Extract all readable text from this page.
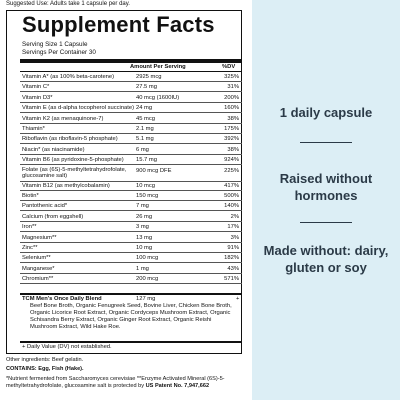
Suggested Use: Adults take 1 capsule per day.
Supplement Facts
Serving Size 1 Capsule
Servings Per Container 30
Amount Per Serving	%DV
Vitamin A* (as 100% beta-carotene)	2925 mcg	325%
Vitamin C*	27.5 mg	31%
Vitamin D3*	40 mcg (1600IU)	200%
Vitamin E (as d-alpha tocopherol succinate) 24 mg	160%
Vitamin K2 (as menaquinone-7)	45 mcg	38%
Thiamin*	2.1 mg	175%
Riboflavin (as riboflavin-5 phosphate)	5.1 mg	392%
Niacin* (as niacinamide)	6 mg	38%
Vitamin B6 (as pyridoxine-5-phosphate) 15.7 mg	924%
Folate (as (6S)-5-methyltetrahydrofolate, glucosamine salt)
900 mcg DFE	225%
Vitamin B12 (as methylcobalamin)	10 mcg	417%
Biotin*	150 mcg	500%
Pantothenic acid*	7 mg	140%
Calcium (from eggshell)	26 mg	2%
Iron**	3 mg	17%
Magnesium**	13 mg	3%
Zinc**	10 mg	91%
Selenium**	100 mcg	182%
Manganese*	1 mg	43%
Chromium**	200 mcg	571%
TCM Men's Once Daily Blend	127 mg	+
Beef Bone Broth, Organic Fenugreek Seed, Bovine Liver, Chicken Bone Broth, Organic Licorice Root Extract, Organic Cordyceps Mushroom Extract, Organic Schisandra Berry Extract, Organic Ginger Root Extract, Organic Reishi Mushroom Extract, Wild Hake Roe.
+ Daily Value (DV) not established.
Other ingredients: Beef gelatin.
CONTAINS: Egg, Fish (Hake).
*Nutrient fermented from Saccharomyces cerevisiae **Enzyme Activated Mineral (6S)-5-methyltetrahydrofolate, glucosamine salt is protected by US Patent No. 7,947,662
1 daily capsule
Raised without hormones
Made without: dairy, gluten or soy
